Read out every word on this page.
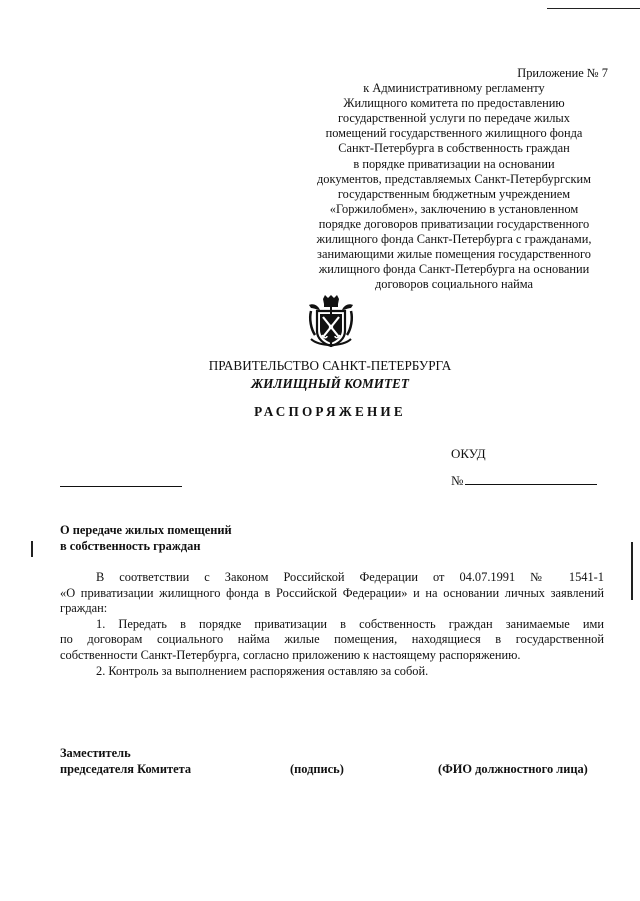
Приложение № 7
к Административному регламенту
Жилищного комитета по предоставлению
государственной услуги по передаче жилых
помещений государственного жилищного фонда
Санкт-Петербурга в собственность граждан
в порядке приватизации на основании
документов, представляемых Санкт-Петербургским
государственным бюджетным учреждением
«Горжилобмен», заключению в установленном
порядке договоров приватизации государственного
жилищного фонда Санкт-Петербурга с гражданами,
занимающими жилые помещения государственного
жилищного фонда Санкт-Петербурга на основании
договоров социального найма
ПРАВИТЕЛЬСТВО САНКТ-ПЕТЕРБУРГА
ЖИЛИЩНЫЙ КОМИТЕТ
РАСПОРЯЖЕНИЕ
ОКУД
№
О передаче жилых помещений
в собственность граждан
В соответствии с Законом Российской Федерации от 04.07.1991 № 1541-1
«О приватизации жилищного фонда в Российской Федерации» и на основании личных заявлений
граждан:
1. Передать в порядке приватизации в собственность граждан занимаемые ими
по договорам социального найма жилые помещения, находящиеся в государственной
собственности Санкт-Петербурга, согласно приложению к настоящему распоряжению.
2. Контроль за выполнением распоряжения оставляю за собой.
Заместитель
председателя Комитета	(подпись)	(ФИО должностного лица)
